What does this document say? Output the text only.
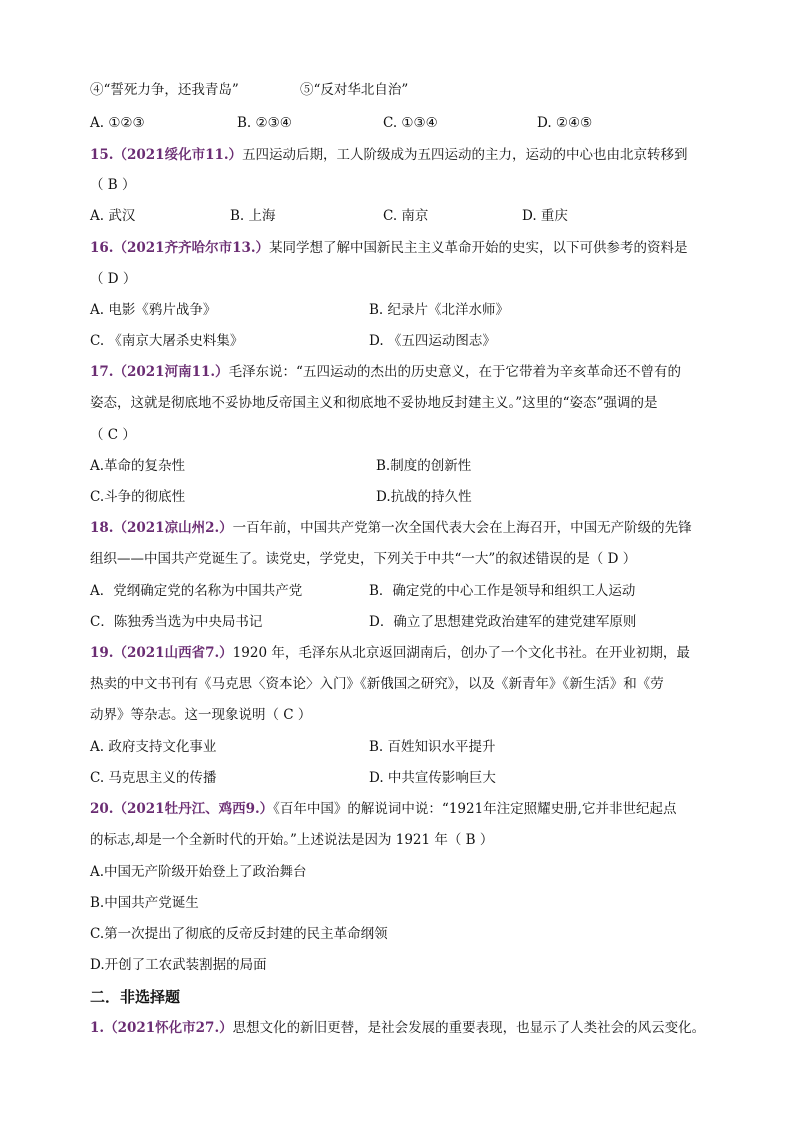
④“誓死力争，还我青岛”	⑤“反对华北自治”
A. ①②③	B. ②③④	C. ①③④	D. ②④⑤
15.（2021绥化市11.）五四运动后期，工人阶级成为五四运动的主力，运动的中心也由北京转移到
（ B ）
A. 武汉	B. 上海	C. 南京	D. 重庆
16.（2021齐齐哈尔市13.）某同学想了解中国新民主主义革命开始的史实，以下可供参考的资料是
（ D ）
A. 电影《鸦片战争》	B. 纪录片《北洋水师》
C. 《南京大屠杀史料集》	D. 《五四运动图志》
17.（2021河南11.）毛泽东说：“五四运动的杰出的历史意义，在于它带着为辛亥革命还不曾有的
姿态，这就是彻底地不妥协地反帝国主义和彻底地不妥协地反封建主义。”这里的“姿态”强调的是
（ C ）
A.革命的复杂性	B.制度的创新性
C.斗争的彻底性	D.抗战的持久性
18.（2021凉山州2.）一百年前，中国共产党第一次全国代表大会在上海召开，中国无产阶级的先锋
组织——中国共产党诞生了。读党史，学党史，下列关于中共“一大”的叙述错误的是（ D ）
A．党纲确定党的名称为中国共产党	B．确定党的中心工作是领导和组织工人运动
C．陈独秀当选为中央局书记	D．确立了思想建党政治建军的建党建军原则
19.（2021山西省7.）1920 年，毛泽东从北京返回湖南后，创办了一个文化书社。在开业初期，最
热卖的中文书刊有《马克思〈资本论〉入门》《新俄国之研究》，以及《新青年》《新生活》和《劳
动界》等杂志。这一现象说明（ C ）
A. 政府支持文化事业	B. 百姓知识水平提升
C. 马克思主义的传播	D. 中共宣传影响巨大
20.（2021牡丹江、鸡西9.）《百年中国》的解说词中说：“1921年注定照耀史册,它并非世纪起点
的标志,却是一个全新时代的开始。”上述说法是因为 1921 年（ B ）
A.中国无产阶级开始登上了政治舞台
B.中国共产党诞生
C.第一次提出了彻底的反帝反封建的民主革命纲领
D.开创了工农武装割据的局面
二．非选择题
1.（2021怀化市27.）思想文化的新旧更替，是社会发展的重要表现，也显示了人类社会的风云变化。
